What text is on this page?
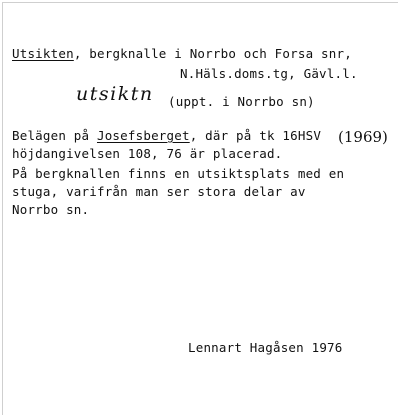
Utsikten, bergknalle i Norrbo och Forsa snr,
N.Häls.doms.tg, Gävl.l.
utsiktn (uppt. i Norrbo sn)
Belägen på Josefsberget, där på tk 16HSV (1969)
höjdangivelsen 108, 76 är placerad.
På bergknallen finns en utsiktsplats med en
stuga, varifrån man ser stora delar av
Norrbo sn.
Lennart Hagåsen 1976
